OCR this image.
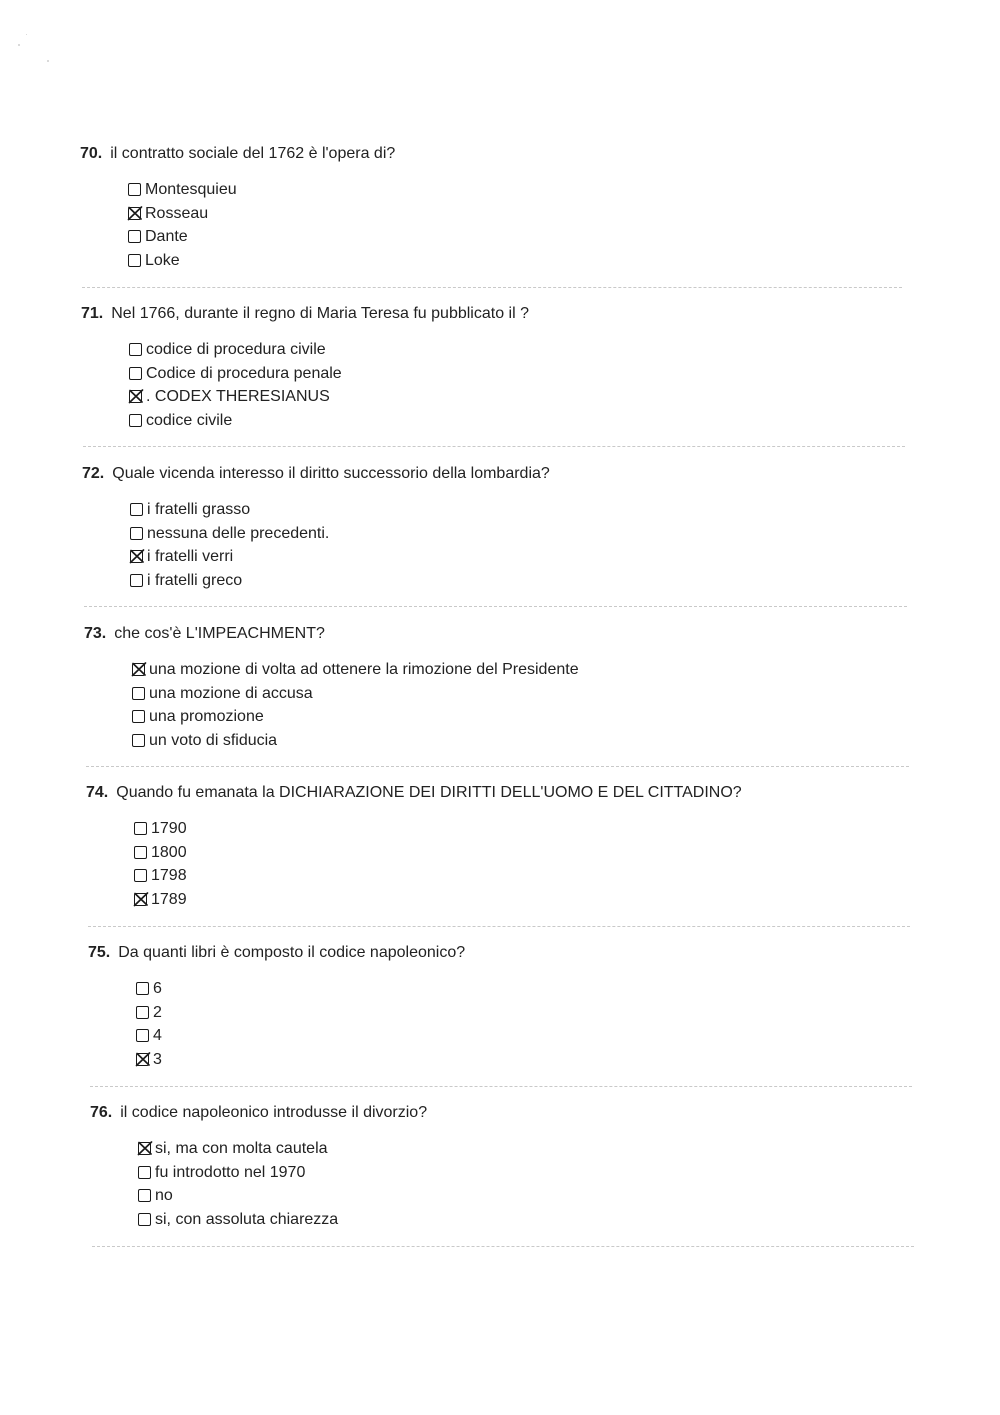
70. il contratto sociale del 1762 è l'opera di?
Montesquieu
Rosseau
Dante
Loke
71. Nel 1766, durante il regno di Maria Teresa fu pubblicato il ?
codice di procedura civile
Codice di procedura penale
. CODEX THERESIANUS
codice civile
72. Quale vicenda interesso il diritto successorio della lombardia?
i fratelli grasso
nessuna delle precedenti.
i fratelli verri
i fratelli greco
73. che cos'è L'IMPEACHMENT?
una mozione di volta ad ottenere la rimozione del Presidente
una mozione di accusa
una promozione
un voto di sfiducia
74. Quando fu emanata la DICHIARAZIONE DEI DIRITTI DELL'UOMO E DEL CITTADINO?
1790
1800
1798
1789
75. Da quanti libri è composto il codice napoleonico?
6
2
4
3
76. il codice napoleonico introdusse il divorzio?
si, ma con molta cautela
fu introdotto nel 1970
no
si, con assoluta chiarezza
